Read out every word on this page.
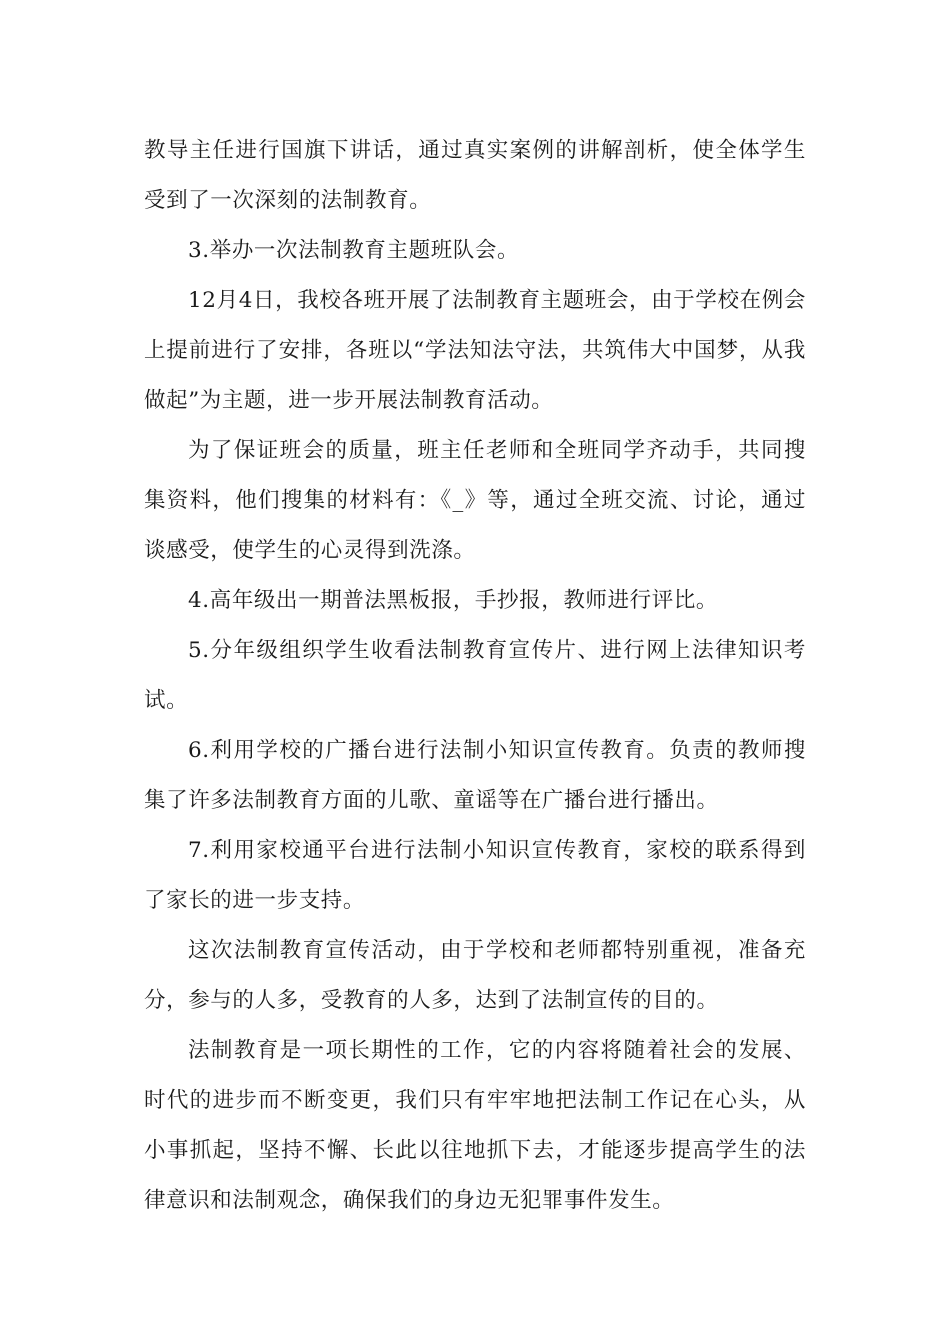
教导主任进行国旗下讲话，通过真实案例的讲解剖析，使全体学生受到了一次深刻的法制教育。

3.举办一次法制教育主题班队会。

12月4日，我校各班开展了法制教育主题班会，由于学校在例会上提前进行了安排，各班以“学法知法守法，共筑伟大中国梦，从我做起”为主题，进一步开展法制教育活动。

为了保证班会的质量，班主任老师和全班同学齐动手，共同搜集资料，他们搜集的材料有：《_》等，通过全班交流、讨论，通过谈感受，使学生的心灵得到洗涤。

4.高年级出一期普法黑板报，手抄报，教师进行评比。

5.分年级组织学生收看法制教育宣传片、进行网上法律知识考试。

6.利用学校的广播台进行法制小知识宣传教育。负责的教师搜集了许多法制教育方面的儿歌、童谣等在广播台进行播出。

7.利用家校通平台进行法制小知识宣传教育，家校的联系得到了家长的进一步支持。

这次法制教育宣传活动，由于学校和老师都特别重视，准备充分，参与的人多，受教育的人多，达到了法制宣传的目的。

法制教育是一项长期性的工作，它的内容将随着社会的发展、时代的进步而不断变更，我们只有牢牢地把法制工作记在心头，从小事抓起，坚持不懈、长此以往地抓下去，才能逐步提高学生的法律意识和法制观念，确保我们的身边无犯罪事件发生。
